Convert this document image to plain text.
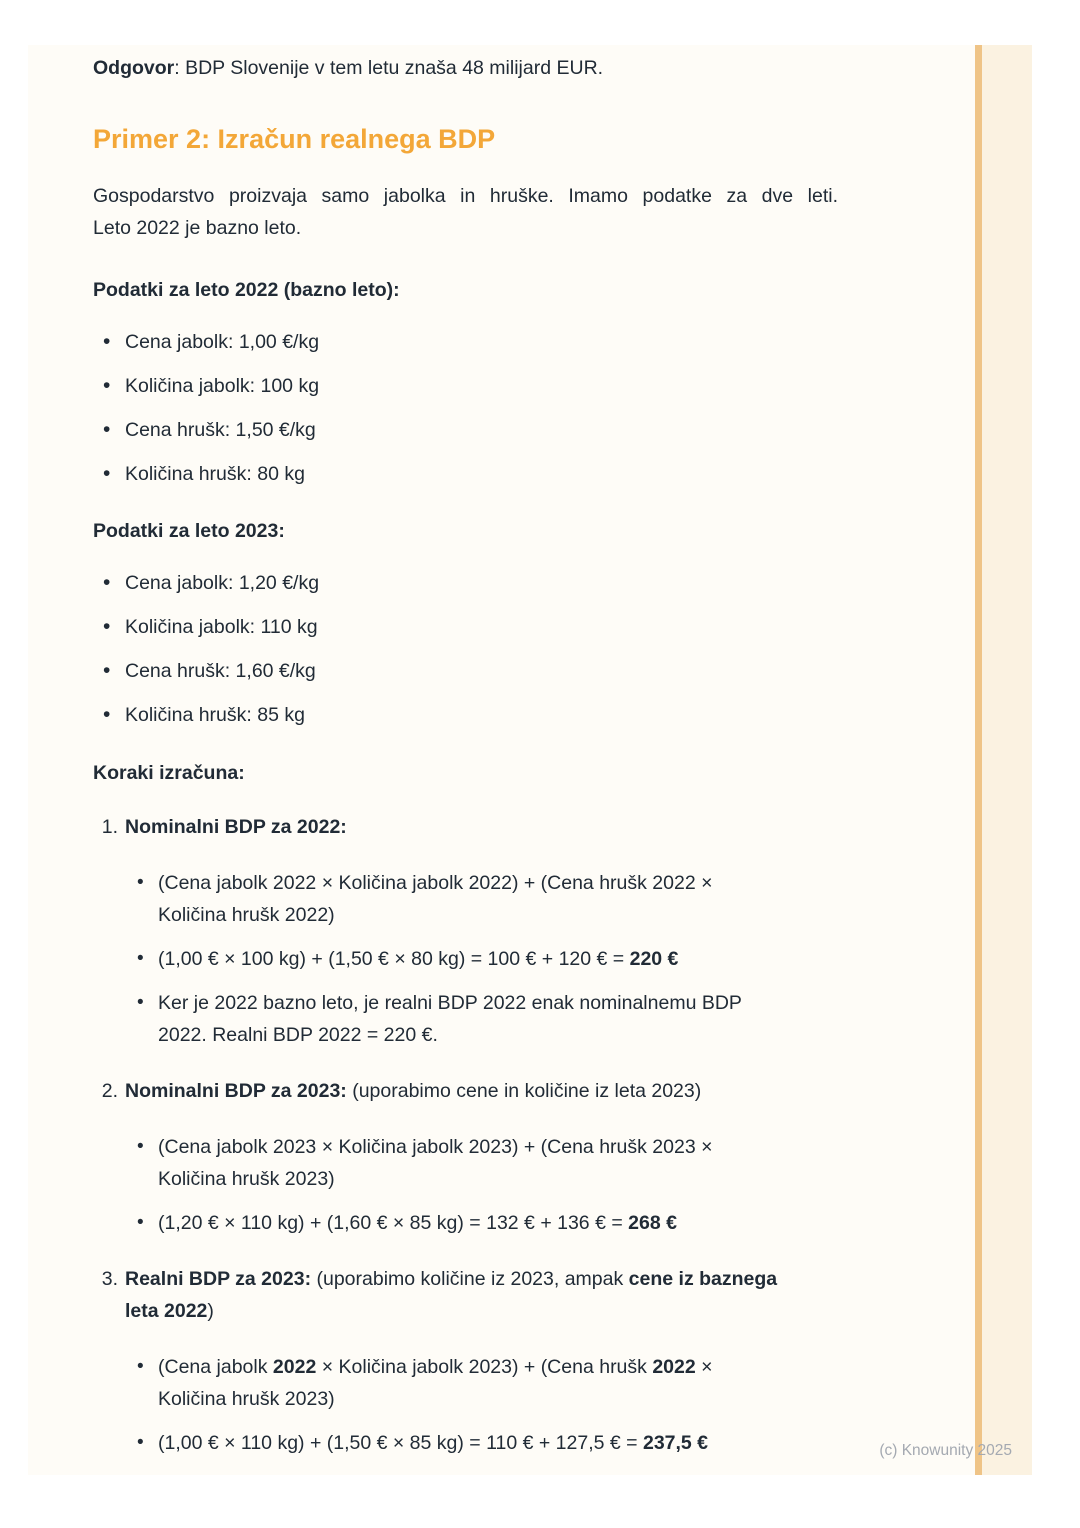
Odgovor: BDP Slovenije v tem letu znaša 48 milijard EUR.

Primer 2: Izračun realnega BDP
Gospodarstvo proizvaja samo jabolka in hruške. Imamo podatke za dve leti.
Leto 2022 je bazno leto.

Podatki za leto 2022 (bazno leto):

• Cena jabolk: 1,00 €/kg
• Količina jabolk: 100 kg
• Cena hrušk: 1,50 €/kg
• Količina hrušk: 80 kg

Podatki za leto 2023:

• Cena jabolk: 1,20 €/kg
• Količina jabolk: 110 kg
• Cena hrušk: 1,60 €/kg
• Količina hrušk: 85 kg

Koraki izračuna:

1. Nominalni BDP za 2022:
• (Cena jabolk 2022 × Količina jabolk 2022) + (Cena hrušk 2022 ×
Količina hrušk 2022)
• (1,00 € × 100 kg) + (1,50 € × 80 kg) = 100 € + 120 € = 220 €
• Ker je 2022 bazno leto, je realni BDP 2022 enak nominalnemu BDP
2022. Realni BDP 2022 = 220 €.
2. Nominalni BDP za 2023: (uporabimo cene in količine iz leta 2023)
• (Cena jabolk 2023 × Količina jabolk 2023) + (Cena hrušk 2023 ×
Količina hrušk 2023)
• (1,20 € × 110 kg) + (1,60 € × 85 kg) = 132 € + 136 € = 268 €
3. Realni BDP za 2023: (uporabimo količine iz 2023, ampak cene iz baznega
leta 2022)
• (Cena jabolk 2022 × Količina jabolk 2023) + (Cena hrušk 2022 ×
Količina hrušk 2023)
• (1,00 € × 110 kg) + (1,50 € × 85 kg) = 110 € + 127,5 € = 237,5 €	(c) Knowunity 2025
